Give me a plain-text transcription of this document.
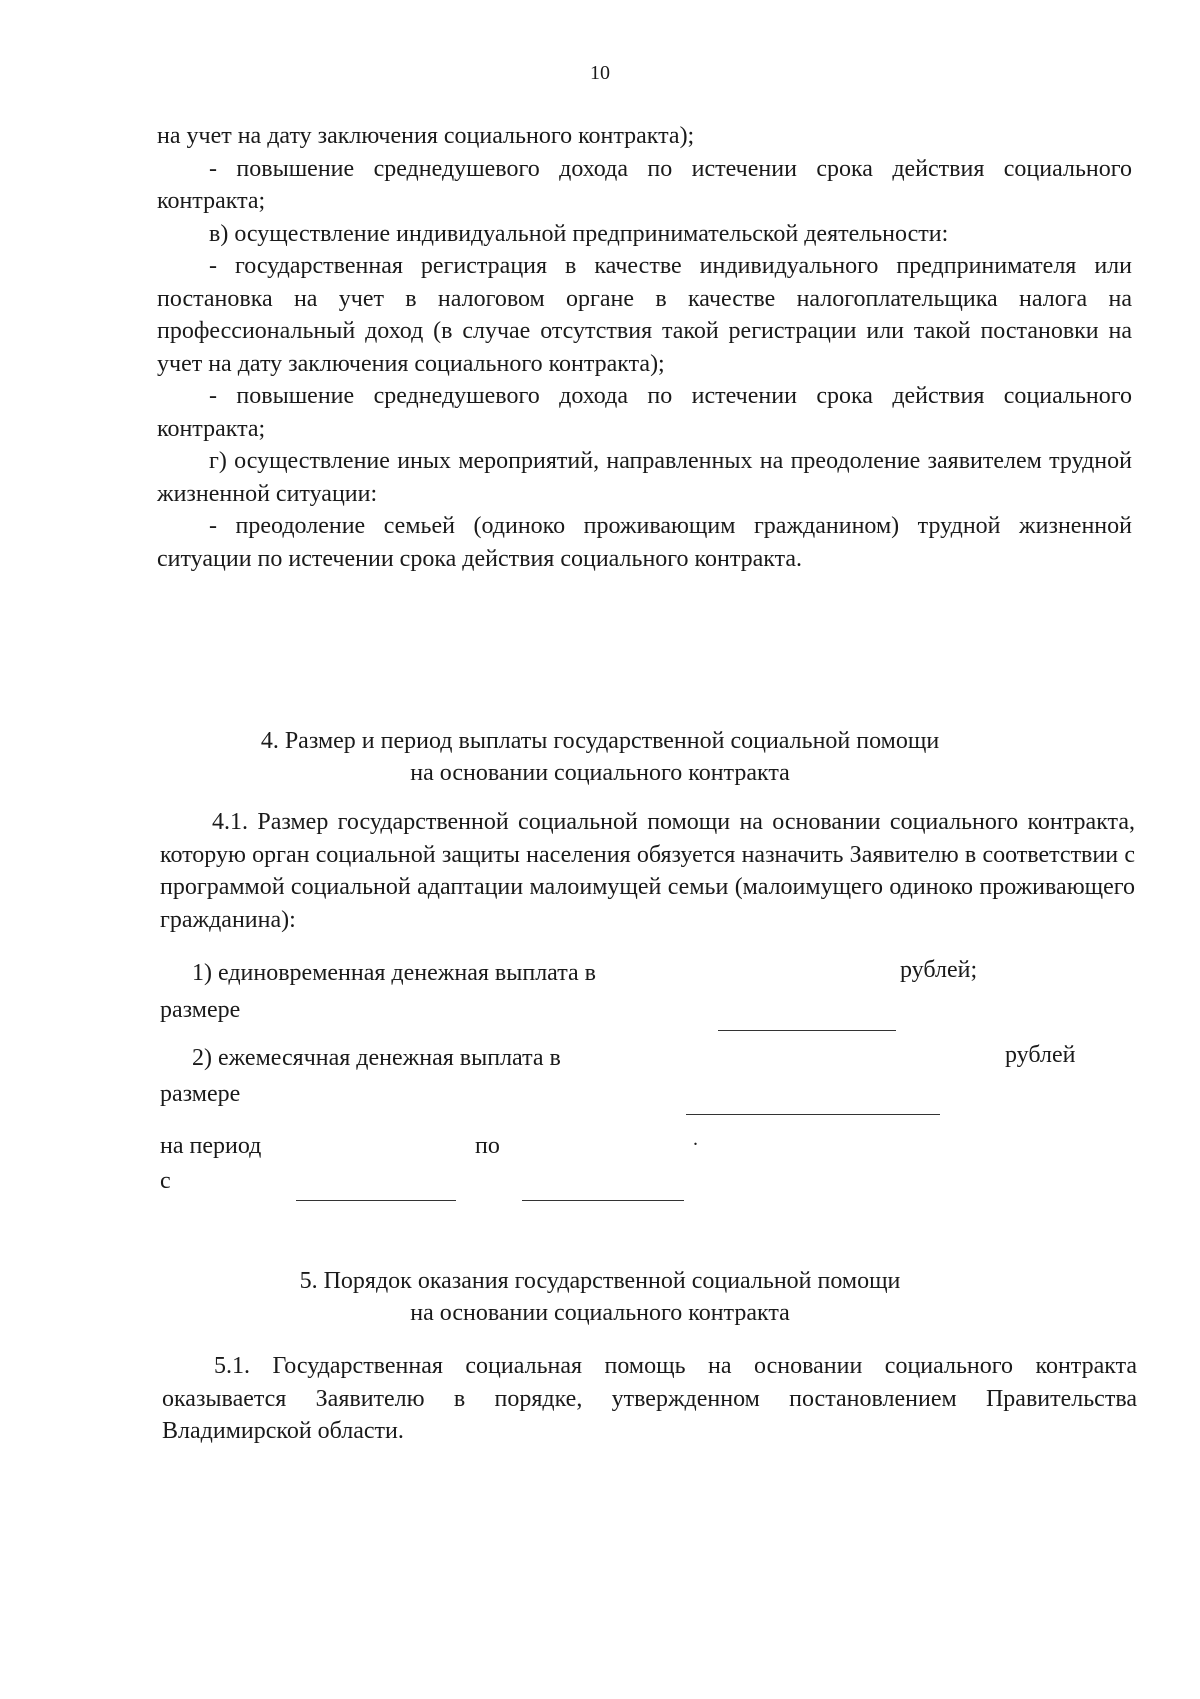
10

на учет на дату заключения социального контракта);

- повышение среднедушевого дохода по истечении срока действия социального контракта;

в) осуществление индивидуальной предпринимательской деятельности:

- государственная регистрация в качестве индивидуального предпринимателя или постановка на учет в налоговом органе в качестве налогоплательщика налога на профессиональный доход (в случае отсутствия такой регистрации или такой постановки на учет на дату заключения социального контракта);

- повышение среднедушевого дохода по истечении срока действия социального контракта;

г) осуществление иных мероприятий, направленных на преодоление заявителем трудной жизненной ситуации:

- преодоление семьей (одиноко проживающим гражданином) трудной жизненной ситуации по истечении срока действия социального контракта.

4. Размер и период выплаты государственной социальной помощи
на основании социального контракта

4.1. Размер государственной социальной помощи на основании социального контракта, которую орган социальной защиты населения обязуется назначить Заявителю в соответствии с программой социальной адаптации малоимущей семьи (малоимущего одиноко проживающего гражданина):

1) единовременная денежная выплата в
размере
рублей;
2) ежемесячная денежная выплата в
размере
рублей
на период
с
по	.
5. Порядок оказания государственной социальной помощи
на основании социального контракта

5.1. Государственная социальная помощь на основании социального контракта оказывается Заявителю в порядке, утвержденном постановлением Правительства Владимирской области.
